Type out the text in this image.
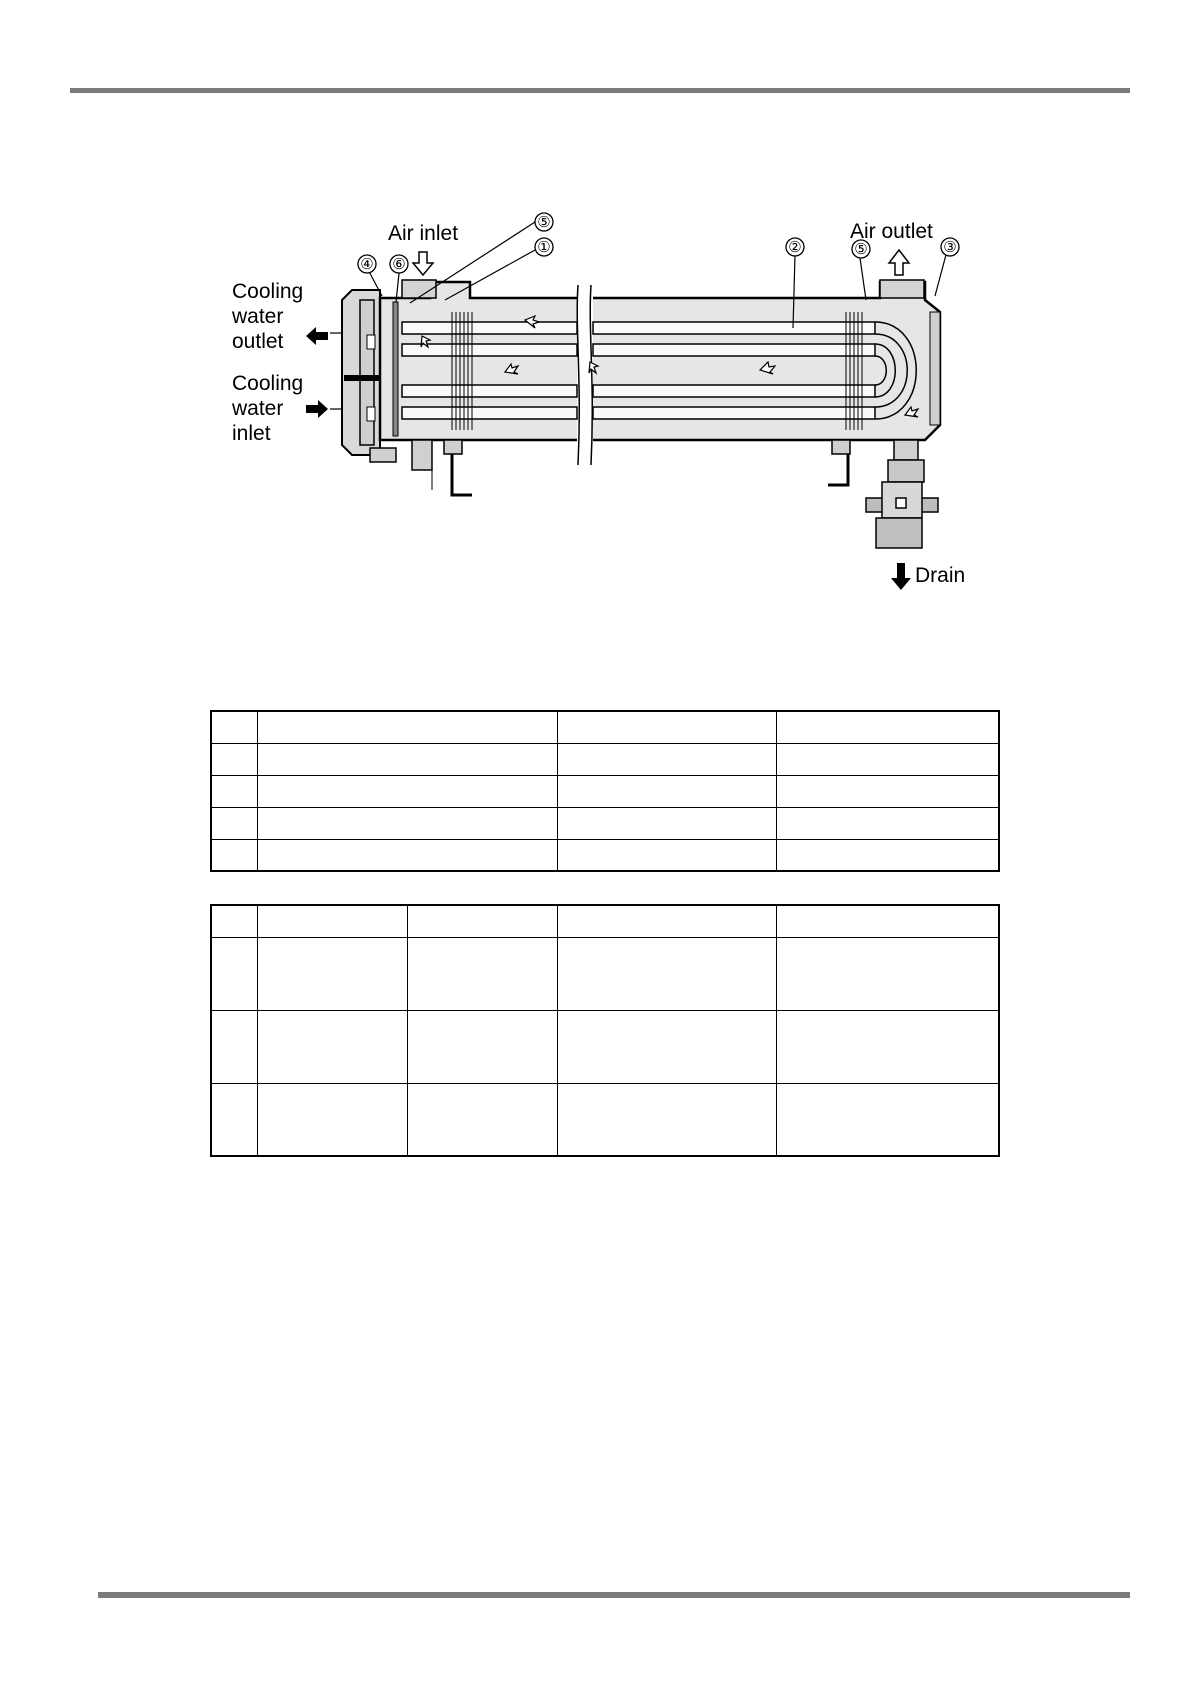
①
⑤
④ ⑥
②	⑤	③
Air inlet	Air outlet
Cooling water outlet
Cooling water inlet
Drain
